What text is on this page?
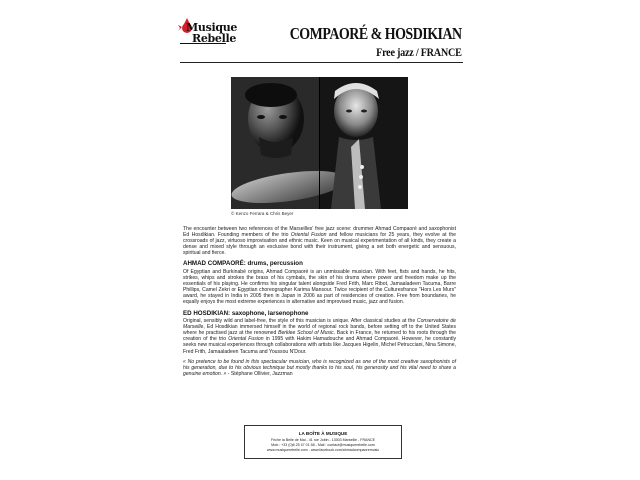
Musique
Rebelle	COMPAORÉ & HOSDIKIAN
Free jazz / FRANCE
© Kenzo Ferrara & Chris Beyer

The encounter between two references of the Marseilles' free jazz scene: drummer Ahmad Compaoré and saxophonist Ed Hosdikian. Founding members of the trio Oriental Fusion and fellow musicians for 25 years, they evolve at the crossroads of jazz, virtuoso improvisation and ethnic music. Keen on musical experimentation of all kinds, they create a dense and mixed style through an exclusive bond with their instrument, giving a set both energetic and sensuous, spiritual and fierce.

AHMAD COMPAORÉ: drums, percussion

Of Egyptian and Burkinabé origins, Ahmad Compaoré is an unmissable musician. With feet, fists and hands, he hits, strikes, whips and strokes the brass of his cymbals, the skin of his drums where power and freedom make up the essentials of his playing. He confirms his singular talent alongside Fred Frith, Marc Ribot, Jamaaladeen Tacuma, Barre Phillips, Camel Zekri or Egyptian choreographer Karima Mansour. Twice recipient of the Culturesfrance "Hors Les Murs" award, he stayed in India in 2005 then in Japan in 2006 as part of residencies of creation. Free from boundaries, he equally enjoys the most extreme experiences in alternative and improvised music, jazz and fusion.

ED HOSDIKIAN: saxophone, larsenophone

Original, sensibly wild and label-free, the style of this musician is unique. After classical studies at the Conservatoire de Marseille, Ed Hosdikian immersed himself in the world of regional rock bands, before setting off to the United States where he practised jazz at the renowned Berklee School of Music. Back in France, he returned to his roots through the creation of the trio Oriental Fusion in 1995 with Hakim Hamadouche and Ahmad Compaoré. However, he constantly seeks new musical experiences through collaborations with artists like Jacques Higelin, Michel Petrucciani, Nina Simone, Fred Frith, Jamaaladeen Tacuma and Youssou N'Dour.

« No pretence to be found in this spectacular musician, who is recognized as one of the most creative saxophonists of his generation, due to his obvious technique but mostly thanks to his soul, his generosity and his vital need to share a genuine emotion. » - Stéphane Ollivier, Jazzman

LA BOÎTE À MUSIQUE
Friche la Belle de Mai - 41 rue Jobin - 13003 Marseille - FRANCE
Mob.: +33 (0)6 25 47 01 58 - Mail : contact@musiquerebelle.com
www.musiquerebelle.com - www.facebook.com/ahmadcompaoremusic
